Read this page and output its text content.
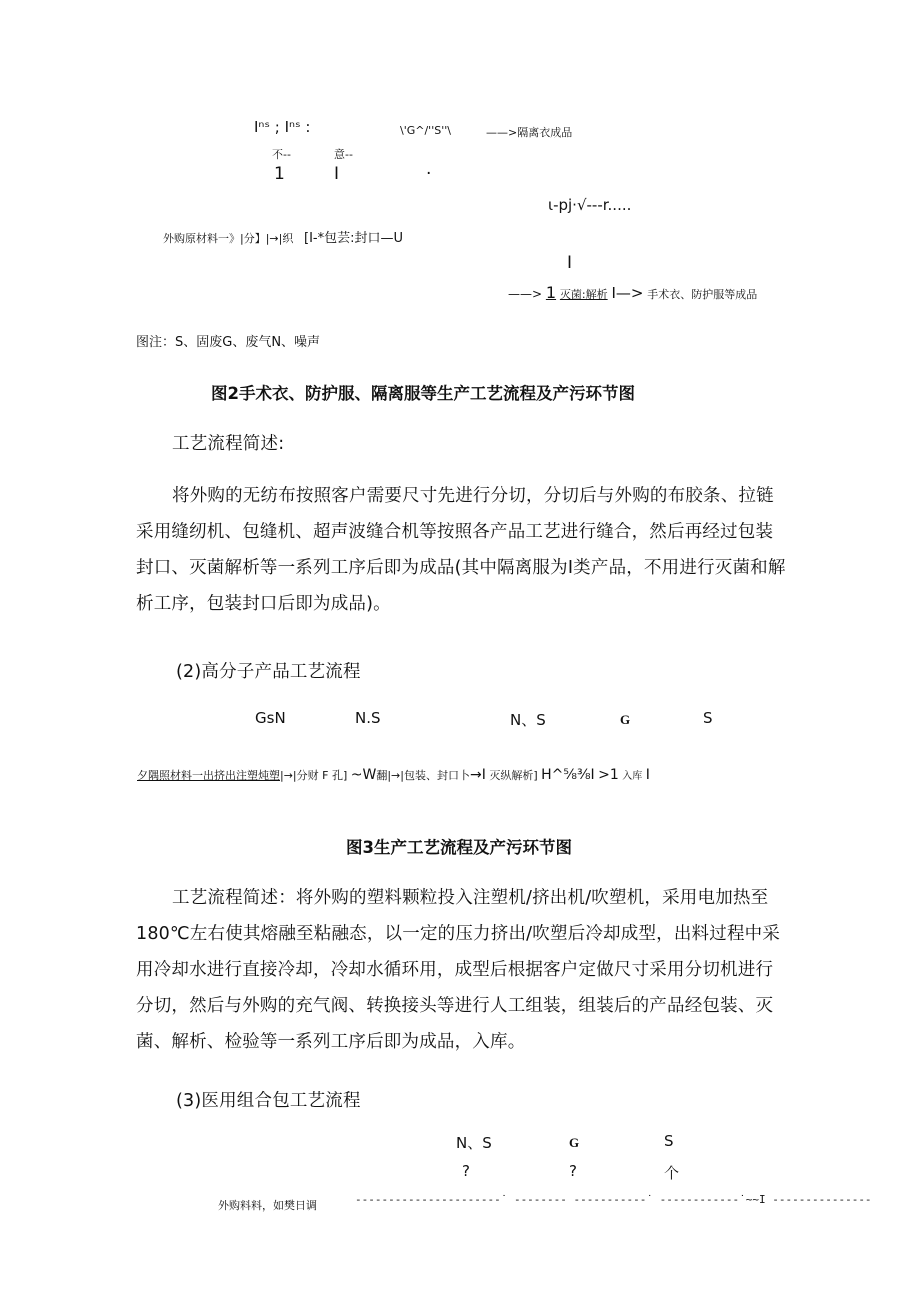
Iⁿˢ ; Iⁿˢ :	\'G^/''S''\	——>隔离衣成品
不--	意--
1	I	·
ι-pj·√---r.....
外购原材料一》|分】|→|织 [I-*包芸:封口—U
I
——> 1 灭菌:解析 I—> 手术衣、防护服等成品
图注：S、固废G、废气N、噪声
图2手术衣、防护服、隔离服等生产工艺流程及产污环节图
工艺流程简述:
将外购的无纺布按照客户需要尺寸先进行分切，分切后与外购的布胶条、拉链采用缝纫机、包缝机、超声波缝合机等按照各产品工艺进行缝合，然后再经过包装封口、灭菌解析等一系列工序后即为成品(其中隔离服为I类产品，不用进行灭菌和解析工序，包装封口后即为成品)。
(2)高分子产品工艺流程
GsN	N.S	N、S	G	S
夕隅照材料一出挤出注塑炖塑|→|分财 F 孔] ~W翻|→|包装、封口卜→I 灭纵解析] H^⅝⅜I >1 入库 I
图3生产工艺流程及产污环节图
工艺流程简述：将外购的塑料颗粒投入注塑机/挤出机/吹塑机，采用电加热至180℃左右使其熔融至粘融态，以一定的压力挤出/吹塑后冷却成型，出料过程中采用冷却水进行直接冷却，冷却水循环用，成型后根据客户定做尺寸采用分切机进行分切，然后与外购的充气阀、转换接头等进行人工组装，组装后的产品经包装、灭菌、解析、检验等一系列工序后即为成品，入库。
(3)医用组合包工艺流程
N、S	G	S
?	?	个
外购料料，如樊日调	----------------------˙ -------- -----------˙ ------------˙~~I ---------------
